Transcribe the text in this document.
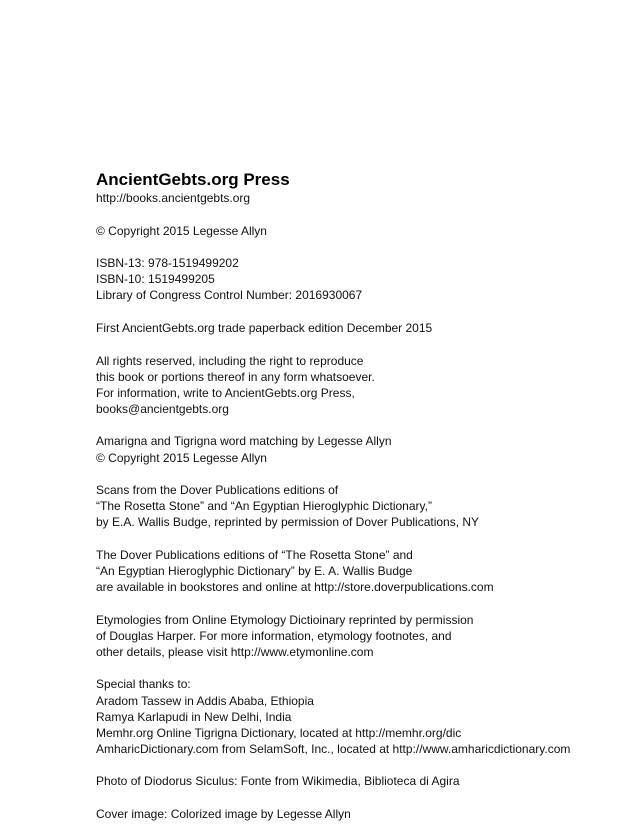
AncientGebts.org Press
http://books.ancientgebts.org
© Copyright 2015 Legesse Allyn
ISBN-13: 978-1519499202
ISBN-10: 1519499205
Library of Congress Control Number: 2016930067
First AncientGebts.org trade paperback edition December 2015
All rights reserved, including the right to reproduce
this book or portions thereof in any form whatsoever.
For information, write to AncientGebts.org Press,
books@ancientgebts.org
Amarigna and Tigrigna word matching by Legesse Allyn
© Copyright 2015 Legesse Allyn
Scans from the Dover Publications editions of
“The Rosetta Stone” and “An Egyptian Hieroglyphic Dictionary,”
by E.A. Wallis Budge, reprinted by permission of Dover Publications, NY
The Dover Publications editions of “The Rosetta Stone” and
“An Egyptian Hieroglyphic Dictionary” by E. A. Wallis Budge
are available in bookstores and online at http://store.doverpublications.com
Etymologies from Online Etymology Dictioinary reprinted by permission
of Douglas Harper. For more information, etymology footnotes, and
other details, please visit http://www.etymonline.com
Special thanks to:
Aradom Tassew in Addis Ababa, Ethiopia
Ramya Karlapudi in New Delhi, India
Memhr.org Online Tigrigna Dictionary, located at http://memhr.org/dic
AmharicDictionary.com from SelamSoft, Inc., located at http://www.amharicdictionary.com
Photo of Diodorus Siculus: Fonte from Wikimedia, Biblioteca di Agira
Cover image: Colorized image by Legesse Allyn
